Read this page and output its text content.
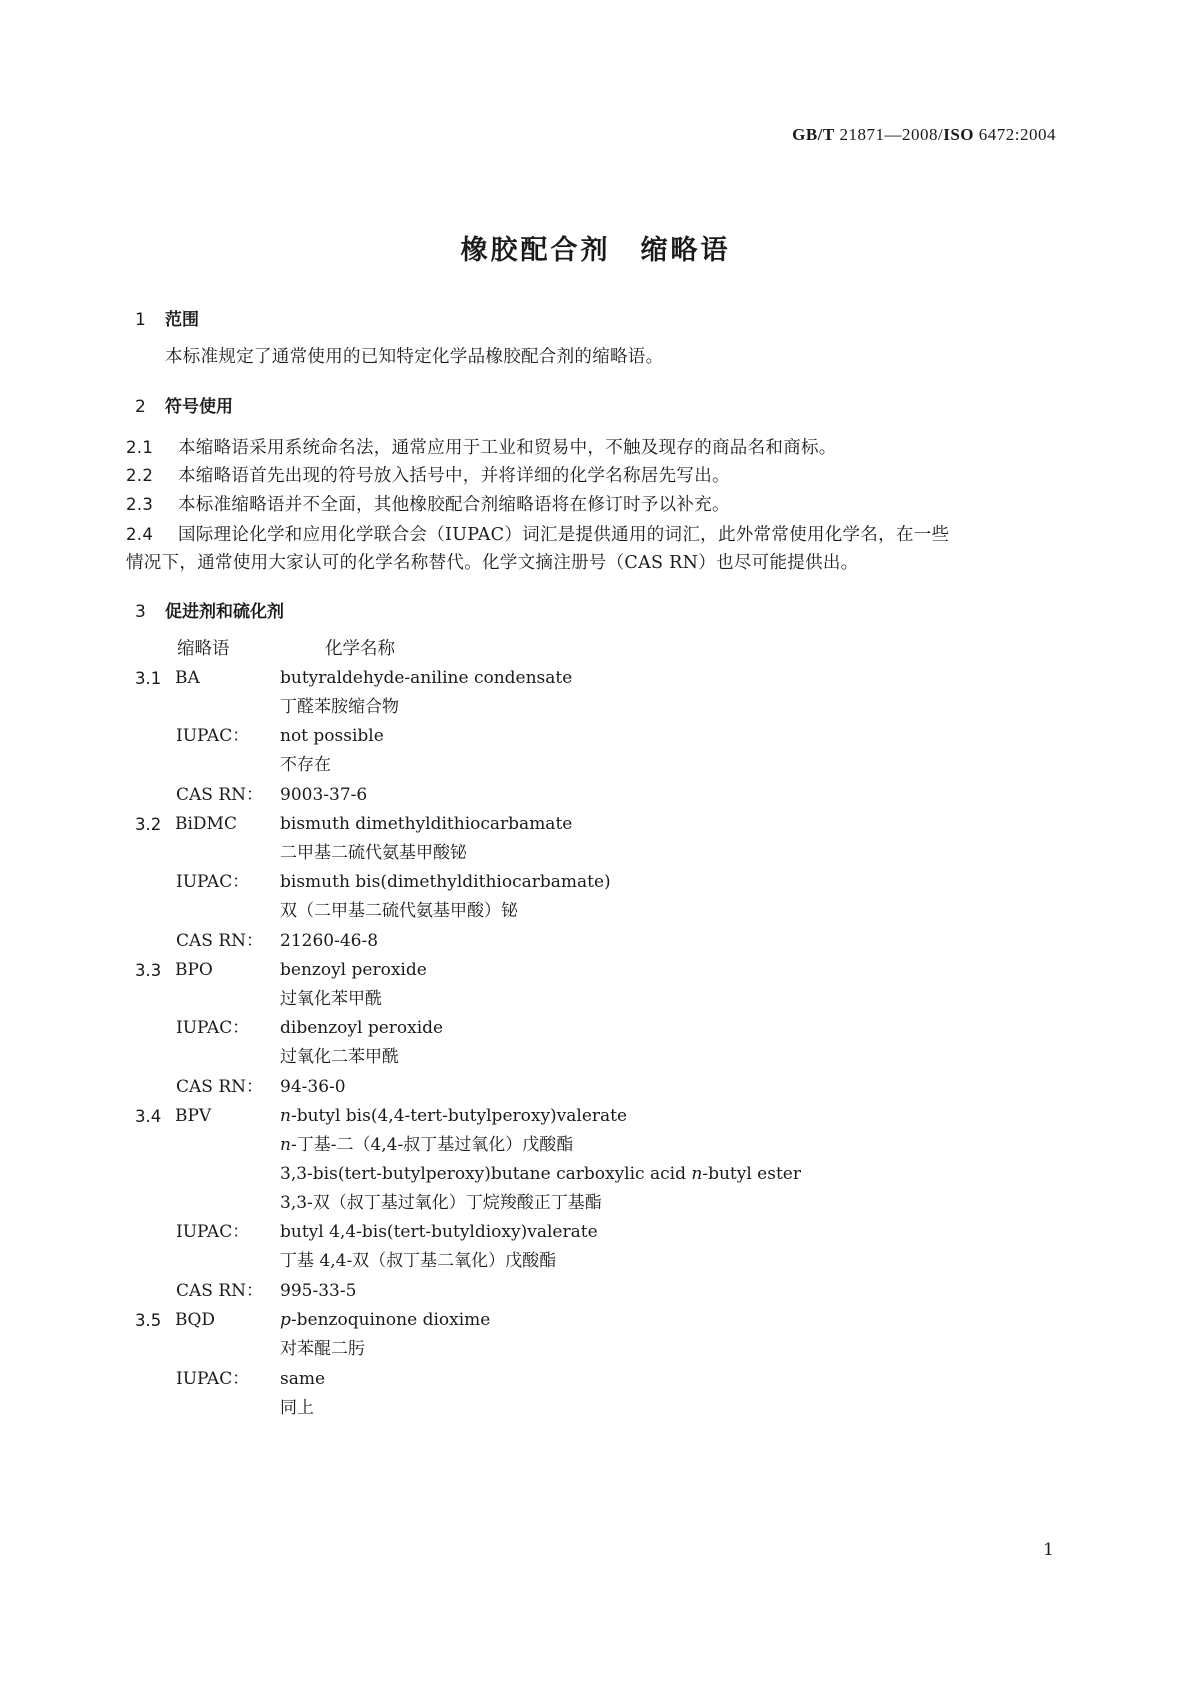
GB/T 21871—2008/ISO 6472:2004
橡胶配合剂　缩略语
1 范围
本标准规定了通常使用的已知特定化学品橡胶配合剂的缩略语。
2 符号使用
2.1 本缩略语采用系统命名法，通常应用于工业和贸易中，不触及现存的商品名和商标。
2.2 本缩略语首先出现的符号放入括号中，并将详细的化学名称居先写出。
2.3 本标准缩略语并不全面，其他橡胶配合剂缩略语将在修订时予以补充。
2.4 国际理论化学和应用化学联合会（IUPAC）词汇是提供通用的词汇，此外常常使用化学名，在一些
情况下，通常使用大家认可的化学名称替代。化学文摘注册号（CAS RN）也尽可能提供出。
3 促进剂和硫化剂
缩略语	化学名称
3.1 BA	butyraldehyde-aniline condensate
丁醛苯胺缩合物
IUPAC： not possible
不存在
CAS RN： 9003-37-6
3.2 BiDMC	bismuth dimethyldithiocarbamate
二甲基二硫代氨基甲酸铋
IUPAC： bismuth bis(dimethyldithiocarbamate)
双（二甲基二硫代氨基甲酸）铋
CAS RN： 21260-46-8
3.3 BPO	benzoyl peroxide
过氧化苯甲酰
IUPAC： dibenzoyl peroxide
过氧化二苯甲酰
CAS RN： 94-36-0
3.4 BPV	n-butyl bis(4,4-tert-butylperoxy)valerate
n-丁基-二（4,4-叔丁基过氧化）戊酸酯
3,3-bis(tert-butylperoxy)butane carboxylic acid n-butyl ester
3,3-双（叔丁基过氧化）丁烷羧酸正丁基酯
IUPAC： butyl 4,4-bis(tert-butyldioxy)valerate
丁基 4,4-双（叔丁基二氧化）戊酸酯
CAS RN： 995-33-5
3.5 BQD	p-benzoquinone dioxime
对苯醌二肟
IUPAC： same
同上
1
